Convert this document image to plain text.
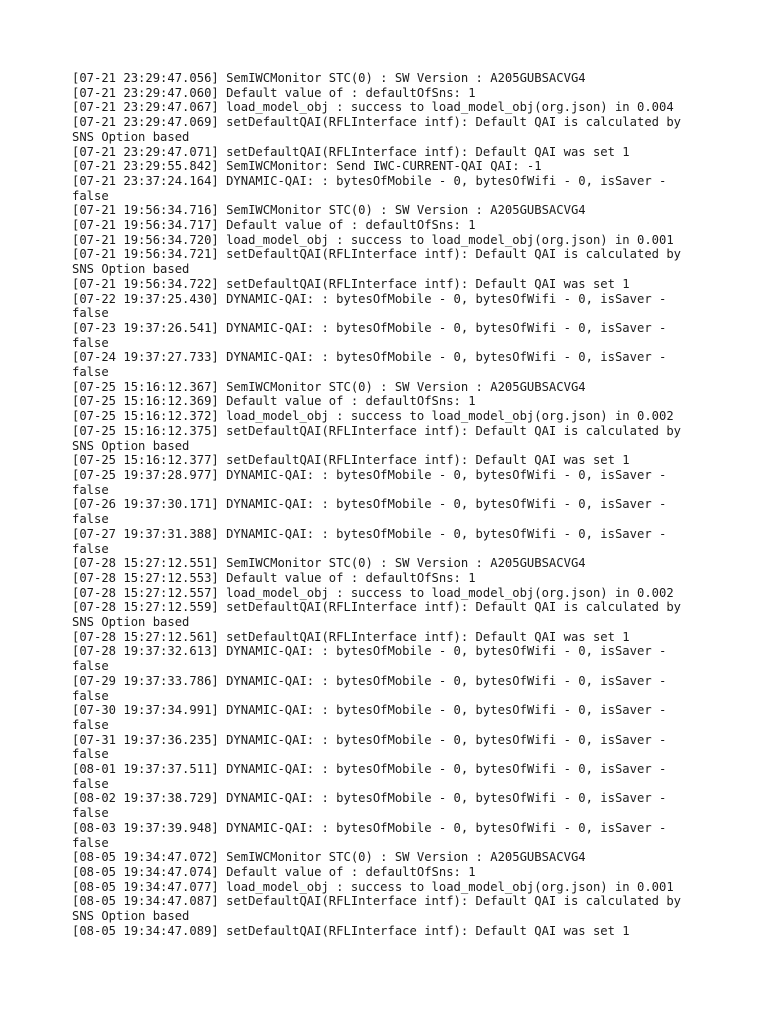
[07-21 23:29:47.056] SemIWCMonitor STC(0) : SW Version : A205GUBSACVG4
[07-21 23:29:47.060] Default value of : defaultOfSns: 1
[07-21 23:29:47.067] load_model_obj : success to load_model_obj(org.json) in 0.004
[07-21 23:29:47.069] setDefaultQAI(RFLInterface intf): Default QAI is calculated by
SNS Option based
[07-21 23:29:47.071] setDefaultQAI(RFLInterface intf): Default QAI was set 1
[07-21 23:29:55.842] SemIWCMonitor: Send IWC-CURRENT-QAI QAI: -1
[07-21 23:37:24.164] DYNAMIC-QAI: : bytesOfMobile - 0, bytesOfWifi - 0, isSaver -
false
[07-21 19:56:34.716] SemIWCMonitor STC(0) : SW Version : A205GUBSACVG4
[07-21 19:56:34.717] Default value of : defaultOfSns: 1
[07-21 19:56:34.720] load_model_obj : success to load_model_obj(org.json) in 0.001
[07-21 19:56:34.721] setDefaultQAI(RFLInterface intf): Default QAI is calculated by
SNS Option based
[07-21 19:56:34.722] setDefaultQAI(RFLInterface intf): Default QAI was set 1
[07-22 19:37:25.430] DYNAMIC-QAI: : bytesOfMobile - 0, bytesOfWifi - 0, isSaver -
false
[07-23 19:37:26.541] DYNAMIC-QAI: : bytesOfMobile - 0, bytesOfWifi - 0, isSaver -
false
[07-24 19:37:27.733] DYNAMIC-QAI: : bytesOfMobile - 0, bytesOfWifi - 0, isSaver -
false
[07-25 15:16:12.367] SemIWCMonitor STC(0) : SW Version : A205GUBSACVG4
[07-25 15:16:12.369] Default value of : defaultOfSns: 1
[07-25 15:16:12.372] load_model_obj : success to load_model_obj(org.json) in 0.002
[07-25 15:16:12.375] setDefaultQAI(RFLInterface intf): Default QAI is calculated by
SNS Option based
[07-25 15:16:12.377] setDefaultQAI(RFLInterface intf): Default QAI was set 1
[07-25 19:37:28.977] DYNAMIC-QAI: : bytesOfMobile - 0, bytesOfWifi - 0, isSaver -
false
[07-26 19:37:30.171] DYNAMIC-QAI: : bytesOfMobile - 0, bytesOfWifi - 0, isSaver -
false
[07-27 19:37:31.388] DYNAMIC-QAI: : bytesOfMobile - 0, bytesOfWifi - 0, isSaver -
false
[07-28 15:27:12.551] SemIWCMonitor STC(0) : SW Version : A205GUBSACVG4
[07-28 15:27:12.553] Default value of : defaultOfSns: 1
[07-28 15:27:12.557] load_model_obj : success to load_model_obj(org.json) in 0.002
[07-28 15:27:12.559] setDefaultQAI(RFLInterface intf): Default QAI is calculated by
SNS Option based
[07-28 15:27:12.561] setDefaultQAI(RFLInterface intf): Default QAI was set 1
[07-28 19:37:32.613] DYNAMIC-QAI: : bytesOfMobile - 0, bytesOfWifi - 0, isSaver -
false
[07-29 19:37:33.786] DYNAMIC-QAI: : bytesOfMobile - 0, bytesOfWifi - 0, isSaver -
false
[07-30 19:37:34.991] DYNAMIC-QAI: : bytesOfMobile - 0, bytesOfWifi - 0, isSaver -
false
[07-31 19:37:36.235] DYNAMIC-QAI: : bytesOfMobile - 0, bytesOfWifi - 0, isSaver -
false
[08-01 19:37:37.511] DYNAMIC-QAI: : bytesOfMobile - 0, bytesOfWifi - 0, isSaver -
false
[08-02 19:37:38.729] DYNAMIC-QAI: : bytesOfMobile - 0, bytesOfWifi - 0, isSaver -
false
[08-03 19:37:39.948] DYNAMIC-QAI: : bytesOfMobile - 0, bytesOfWifi - 0, isSaver -
false
[08-05 19:34:47.072] SemIWCMonitor STC(0) : SW Version : A205GUBSACVG4
[08-05 19:34:47.074] Default value of : defaultOfSns: 1
[08-05 19:34:47.077] load_model_obj : success to load_model_obj(org.json) in 0.001
[08-05 19:34:47.087] setDefaultQAI(RFLInterface intf): Default QAI is calculated by
SNS Option based
[08-05 19:34:47.089] setDefaultQAI(RFLInterface intf): Default QAI was set 1
